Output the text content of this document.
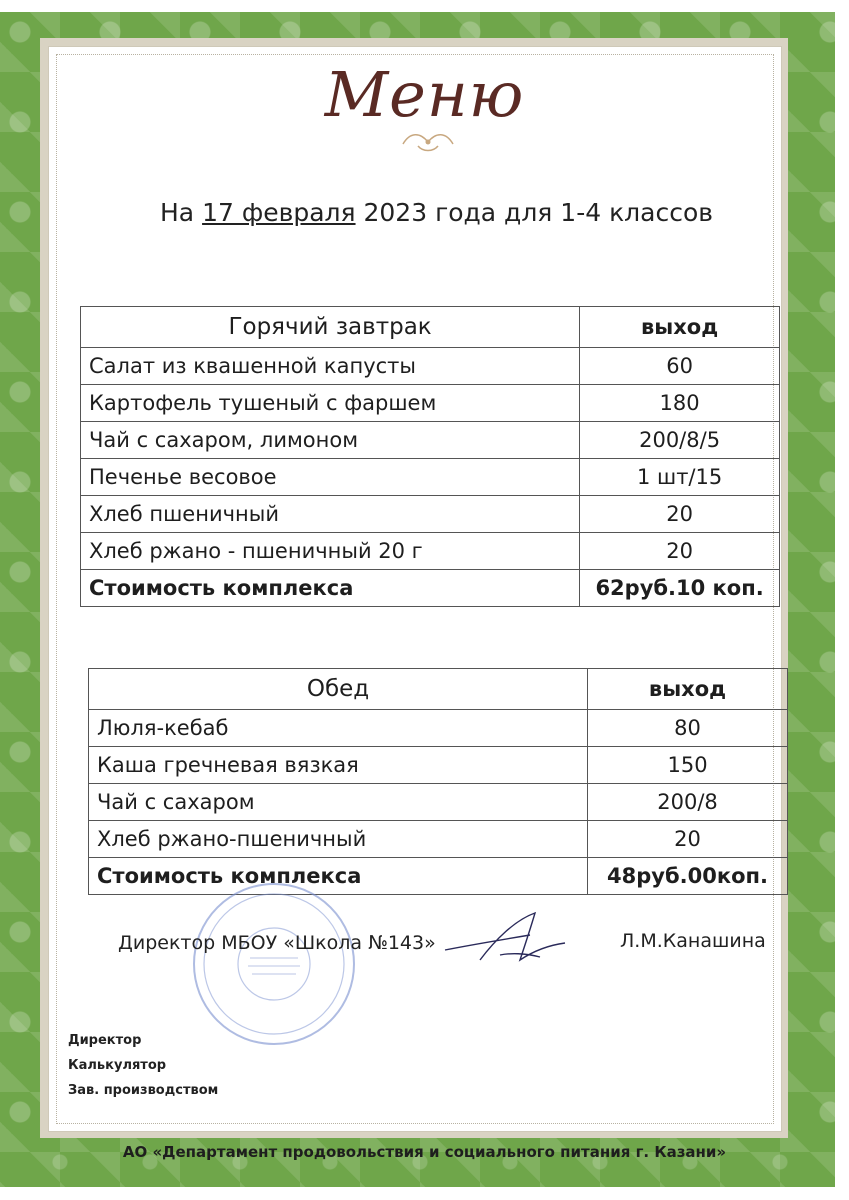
Меню
На 17 февраля 2023 года для 1-4 классов
Горячий завтрак	выход
Салат из квашенной капусты	60
Картофель тушеный с фаршем	180
Чай с сахаром, лимоном	200/8/5
Печенье весовое	1 шт/15
Хлеб пшеничный	20
Хлеб ржано - пшеничный 20 г	20
Стоимость комплекса	62руб.10 коп.
Обед	выход
Люля-кебаб	80
Каша гречневая вязкая	150
Чай с сахаром	200/8
Хлеб ржано-пшеничный	20
Стоимость комплекса	48руб.00коп.
Директор МБОУ «Школа №143»	Л.М.Канашина
Директор
Калькулятор
Зав. производством
АО «Департамент продовольствия и социального питания г. Казани»
